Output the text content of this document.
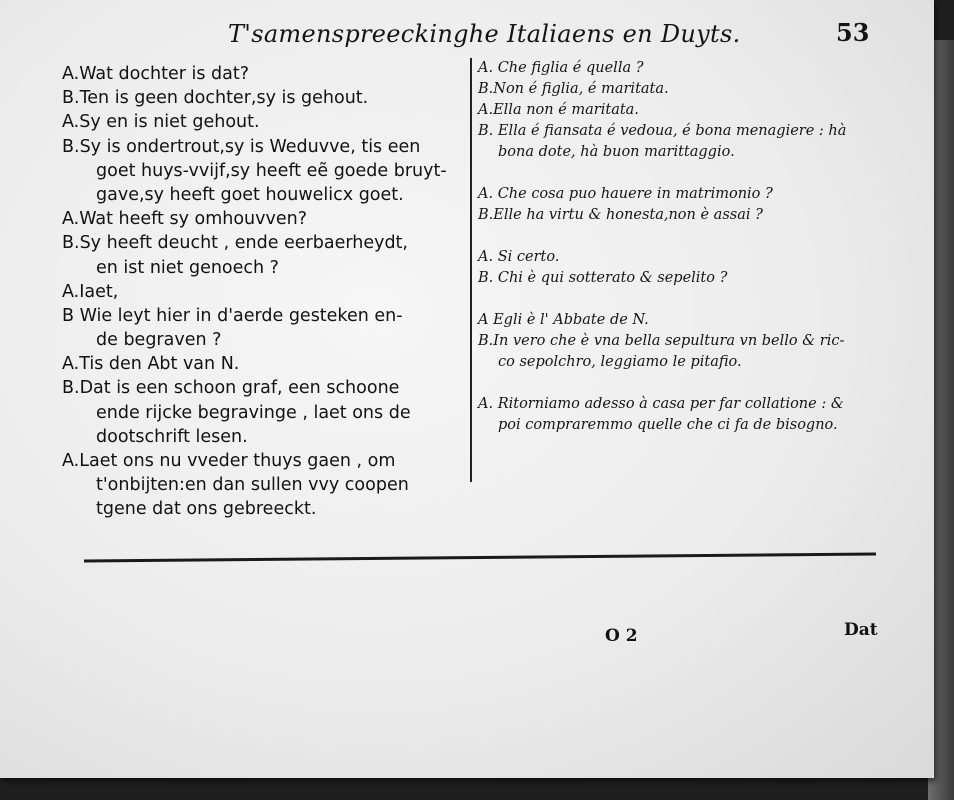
T'samenspreeckinghe Italiaens en Duyts.	53
A.Wat dochter is dat?
B.Ten is geen dochter,sy is gehout.
A.Sy en is niet gehout.
B.Sy is ondertrout,sy is Weduvve, tis een
goet huys-vvijf,sy heeft eẽ goede bruyt-
gave,sy heeft goet houwelicx goet.
A.Wat heeft sy omhouvven?
B.Sy heeft deucht , ende eerbaerheydt,
en ist niet genoech ?
A.Iaet,
B Wie leyt hier in d'aerde gesteken en-
de begraven ?
A.Tis den Abt van N.
B.Dat is een schoon graf, een schoone
ende rijcke begravinge , laet ons de
dootschrift lesen.
A.Laet ons nu vveder thuys gaen , om
t'onbijten:en dan sullen vvy coopen
tgene dat ons gebreeckt.
A. Che figlia é quella ?
B.Non é figlia, é maritata.
A.Ella non é maritata.
B. Ella é fiansata é vedoua, é bona menagiere : hà
bona dote, hà buon marittaggio.
A. Che cosa puo hauere in matrimonio ?
B.Elle ha virtu & honesta,non è assai ?
A. Si certo.
B. Chi è qui sotterato & sepelito ?
A Egli è l' Abbate de N.
B.In vero che è vna bella sepultura vn bello & ric-
co sepolchro, leggiamo le pitafio.
A. Ritorniamo adesso à casa per far collatione : &
poi compraremmo quelle che ci fa de bisogno.
O 2	Dat
